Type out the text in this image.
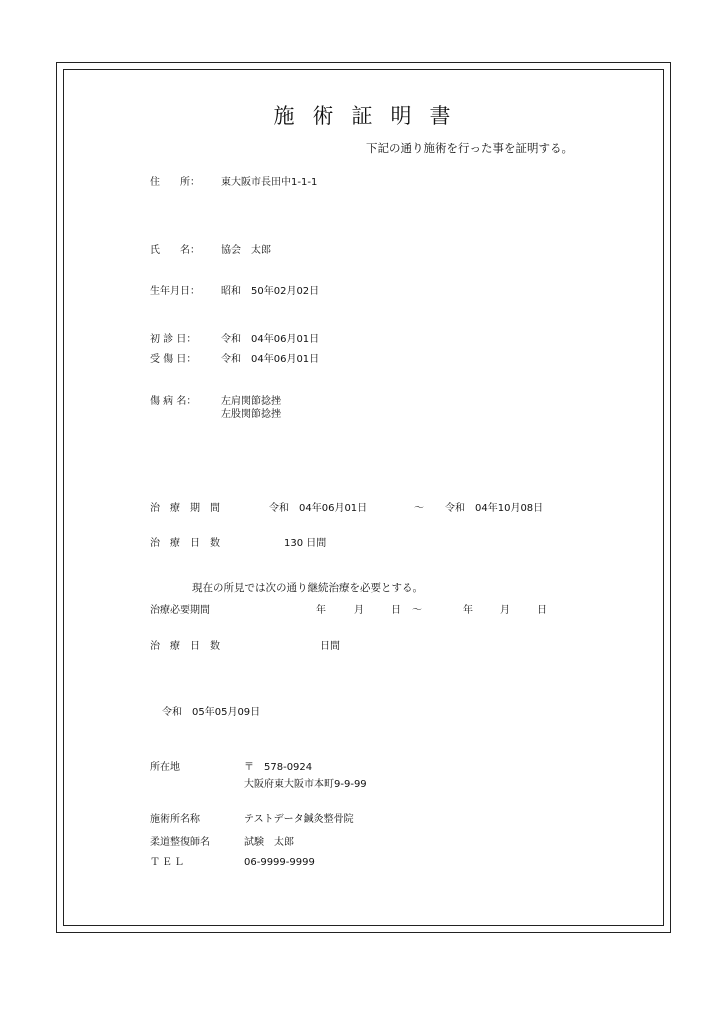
施術証明書
下記の通り施術を行った事を証明する。
住　　所： 東大阪市長田中1-1-1
氏　　名： 協会　太郎
生年月日： 昭和　50年02月02日
初 診 日： 令和　04年06月01日
受 傷 日： 令和　04年06月01日
傷 病 名： 左肩関節捻挫
左股関節捻挫
治　療　期　間	令和　04年06月01日	～ 令和　04年10月08日
治　療　日　数	130 日間
現在の所見では次の通り継続治療を必要とする。
治療必要期間	年	月	日 ～	年	月	日
治　療　日　数	日間
令和　05年05月09日
所在地	〒　578-0924
大阪府東大阪市本町9-9-99
施術所名称	テストデータ鍼灸整骨院
柔道整復師名	試験　太郎
ＴＥＬ	06-9999-9999
